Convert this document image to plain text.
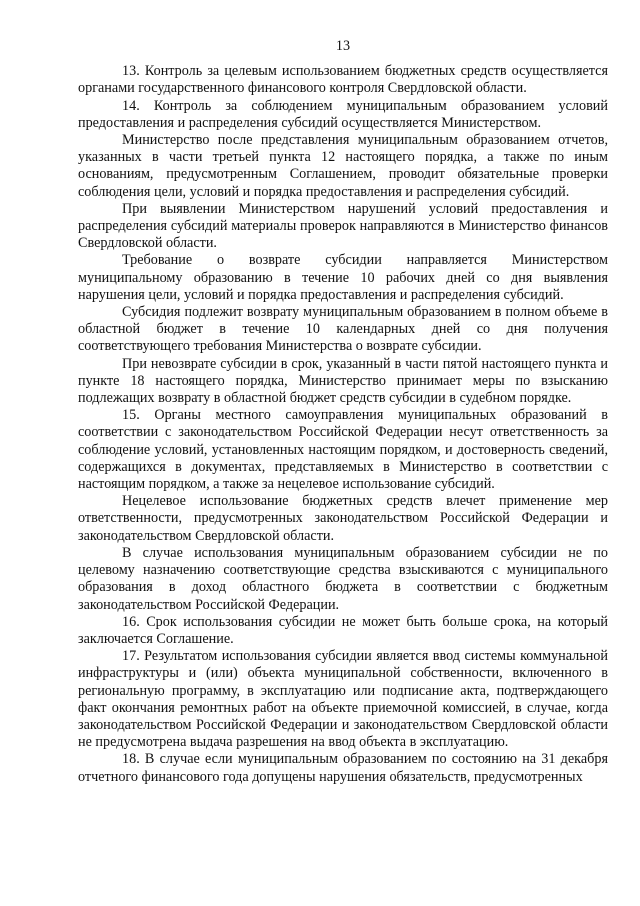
13

13. Контроль за целевым использованием бюджетных средств осуществляется органами государственного финансового контроля Свердловской области.

14. Контроль за соблюдением муниципальным образованием условий предоставления и распределения субсидий осуществляется Министерством.

Министерство после представления муниципальным образованием отчетов, указанных в части третьей пункта 12 настоящего порядка, а также по иным основаниям, предусмотренным Соглашением, проводит обязательные проверки соблюдения цели, условий и порядка предоставления и распределения субсидий.

При выявлении Министерством нарушений условий предоставления и распределения субсидий материалы проверок направляются в Министерство финансов Свердловской области.

Требование о возврате субсидии направляется Министерством муниципальному образованию в течение 10 рабочих дней со дня выявления нарушения цели, условий и порядка предоставления и распределения субсидий.

Субсидия подлежит возврату муниципальным образованием в полном объеме в областной бюджет в течение 10 календарных дней со дня получения соответствующего требования Министерства о возврате субсидии.

При невозврате субсидии в срок, указанный в части пятой настоящего пункта и пункте 18 настоящего порядка, Министерство принимает меры по взысканию подлежащих возврату в областной бюджет средств субсидии в судебном порядке.

15. Органы местного самоуправления муниципальных образований в соответствии с законодательством Российской Федерации несут ответственность за соблюдение условий, установленных настоящим порядком, и достоверность сведений, содержащихся в документах, представляемых в Министерство в соответствии с настоящим порядком, а также за нецелевое использование субсидий.

Нецелевое использование бюджетных средств влечет применение мер ответственности, предусмотренных законодательством Российской Федерации и законодательством Свердловской области.

В случае использования муниципальным образованием субсидии не по целевому назначению соответствующие средства взыскиваются с муниципального образования в доход областного бюджета в соответствии с бюджетным законодательством Российской Федерации.

16. Срок использования субсидии не может быть больше срока, на который заключается Соглашение.

17. Результатом использования субсидии является ввод системы коммунальной инфраструктуры и (или) объекта муниципальной собственности, включенного в региональную программу, в эксплуатацию или подписание акта, подтверждающего факт окончания ремонтных работ на объекте приемочной комиссией, в случае, когда законодательством Российской Федерации и законодательством Свердловской области не предусмотрена выдача разрешения на ввод объекта в эксплуатацию.

18. В случае если муниципальным образованием по состоянию на 31 декабря отчетного финансового года допущены нарушения обязательств, предусмотренных
